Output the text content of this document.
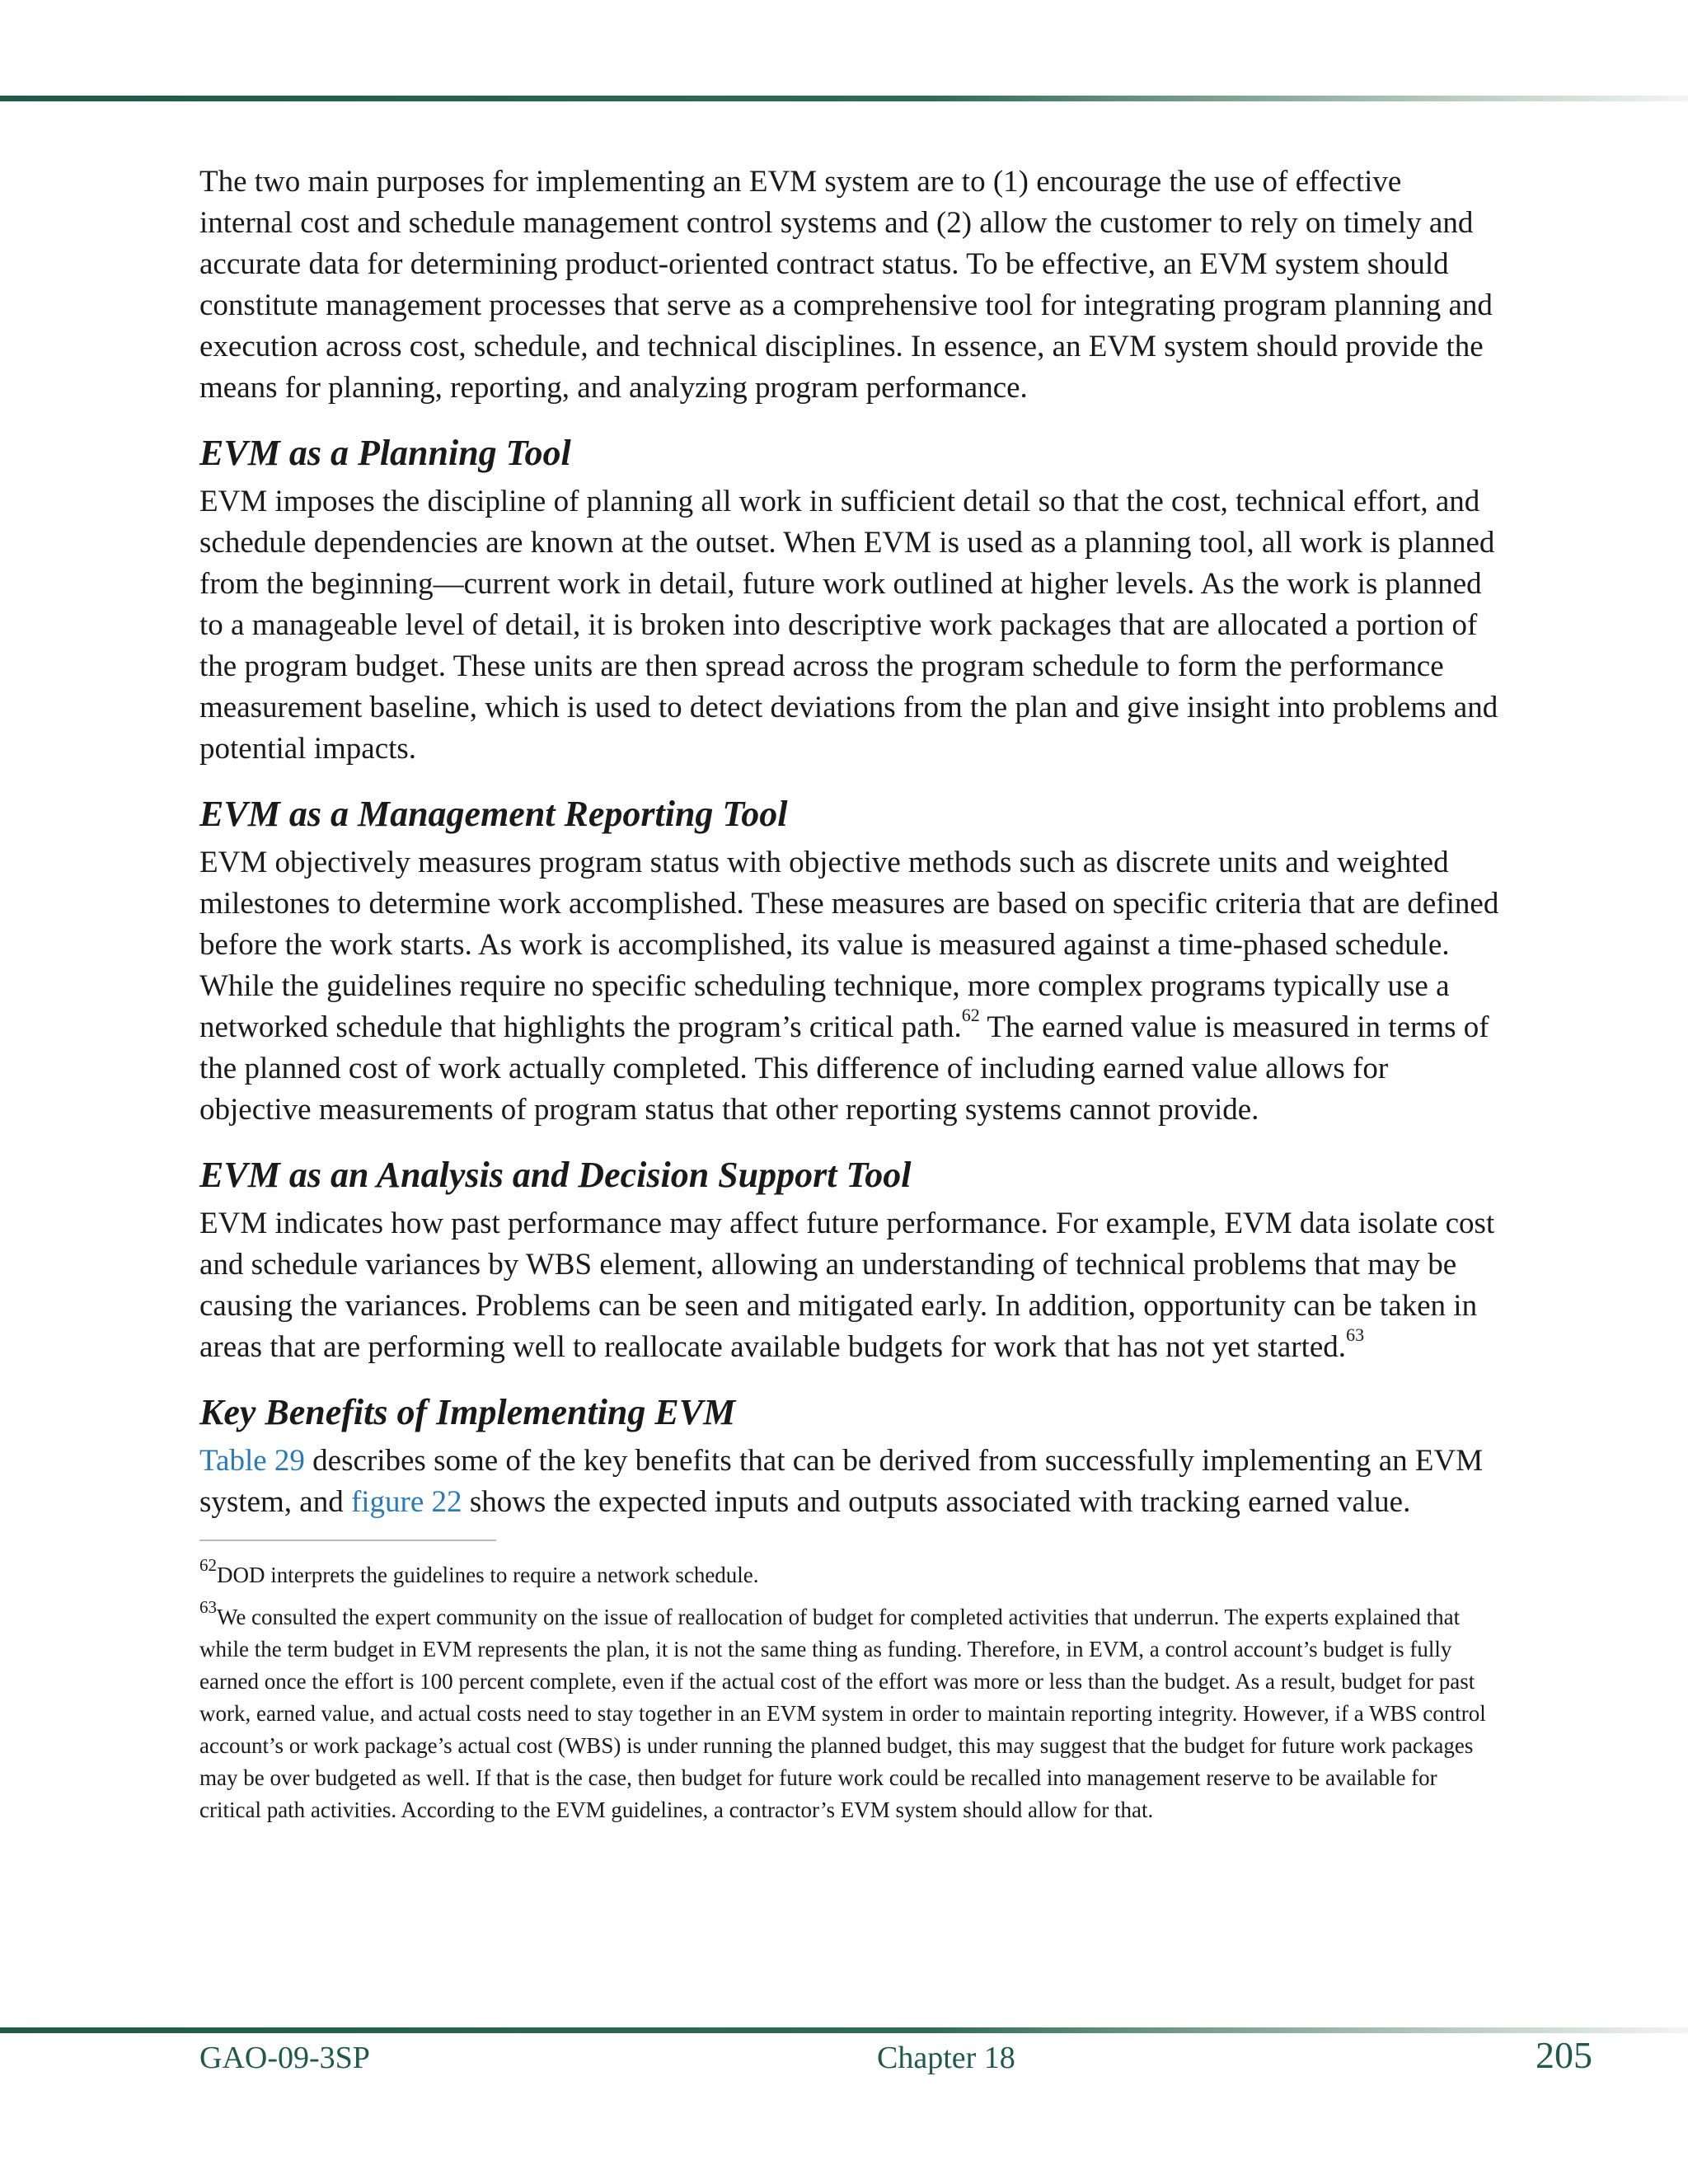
The two main purposes for implementing an EVM system are to (1) encourage the use of effective internal cost and schedule management control systems and (2) allow the customer to rely on timely and accurate data for determining product-oriented contract status. To be effective, an EVM system should constitute management processes that serve as a comprehensive tool for integrating program planning and execution across cost, schedule, and technical disciplines. In essence, an EVM system should provide the means for planning, reporting, and analyzing program performance.

EVM as a Planning Tool

EVM imposes the discipline of planning all work in sufficient detail so that the cost, technical effort, and schedule dependencies are known at the outset. When EVM is used as a planning tool, all work is planned from the beginning—current work in detail, future work outlined at higher levels. As the work is planned to a manageable level of detail, it is broken into descriptive work packages that are allocated a portion of the program budget. These units are then spread across the program schedule to form the performance measurement baseline, which is used to detect deviations from the plan and give insight into problems and potential impacts.

EVM as a Management Reporting Tool

EVM objectively measures program status with objective methods such as discrete units and weighted milestones to determine work accomplished. These measures are based on specific criteria that are defined before the work starts. As work is accomplished, its value is measured against a time-phased schedule. While the guidelines require no specific scheduling technique, more complex programs typically use a networked schedule that highlights the program’s critical path.$^{62}$ The earned value is measured in terms of the planned cost of work actually completed. This difference of including earned value allows for objective measurements of program status that other reporting systems cannot provide.

EVM as an Analysis and Decision Support Tool

EVM indicates how past performance may affect future performance. For example, EVM data isolate cost and schedule variances by WBS element, allowing an understanding of technical problems that may be causing the variances. Problems can be seen and mitigated early. In addition, opportunity can be taken in areas that are performing well to reallocate available budgets for work that has not yet started.$^{63}$

Key Benefits of Implementing EVM

Table 29 describes some of the key benefits that can be derived from successfully implementing an EVM system, and figure 22 shows the expected inputs and outputs associated with tracking earned value.

$^{62}$DOD interprets the guidelines to require a network schedule.

$^{63}$We consulted the expert community on the issue of reallocation of budget for completed activities that underrun. The experts explained that while the term budget in EVM represents the plan, it is not the same thing as funding. Therefore, in EVM, a control account’s budget is fully earned once the effort is 100 percent complete, even if the actual cost of the effort was more or less than the budget. As a result, budget for past work, earned value, and actual costs need to stay together in an EVM system in order to maintain reporting integrity. However, if a WBS control account’s or work package’s actual cost (WBS) is under running the planned budget, this may suggest that the budget for future work packages may be over budgeted as well. If that is the case, then budget for future work could be recalled into management reserve to be available for critical path activities. According to the EVM guidelines, a contractor’s EVM system should allow for that.

GAO-09-3SP	Chapter 18	205
